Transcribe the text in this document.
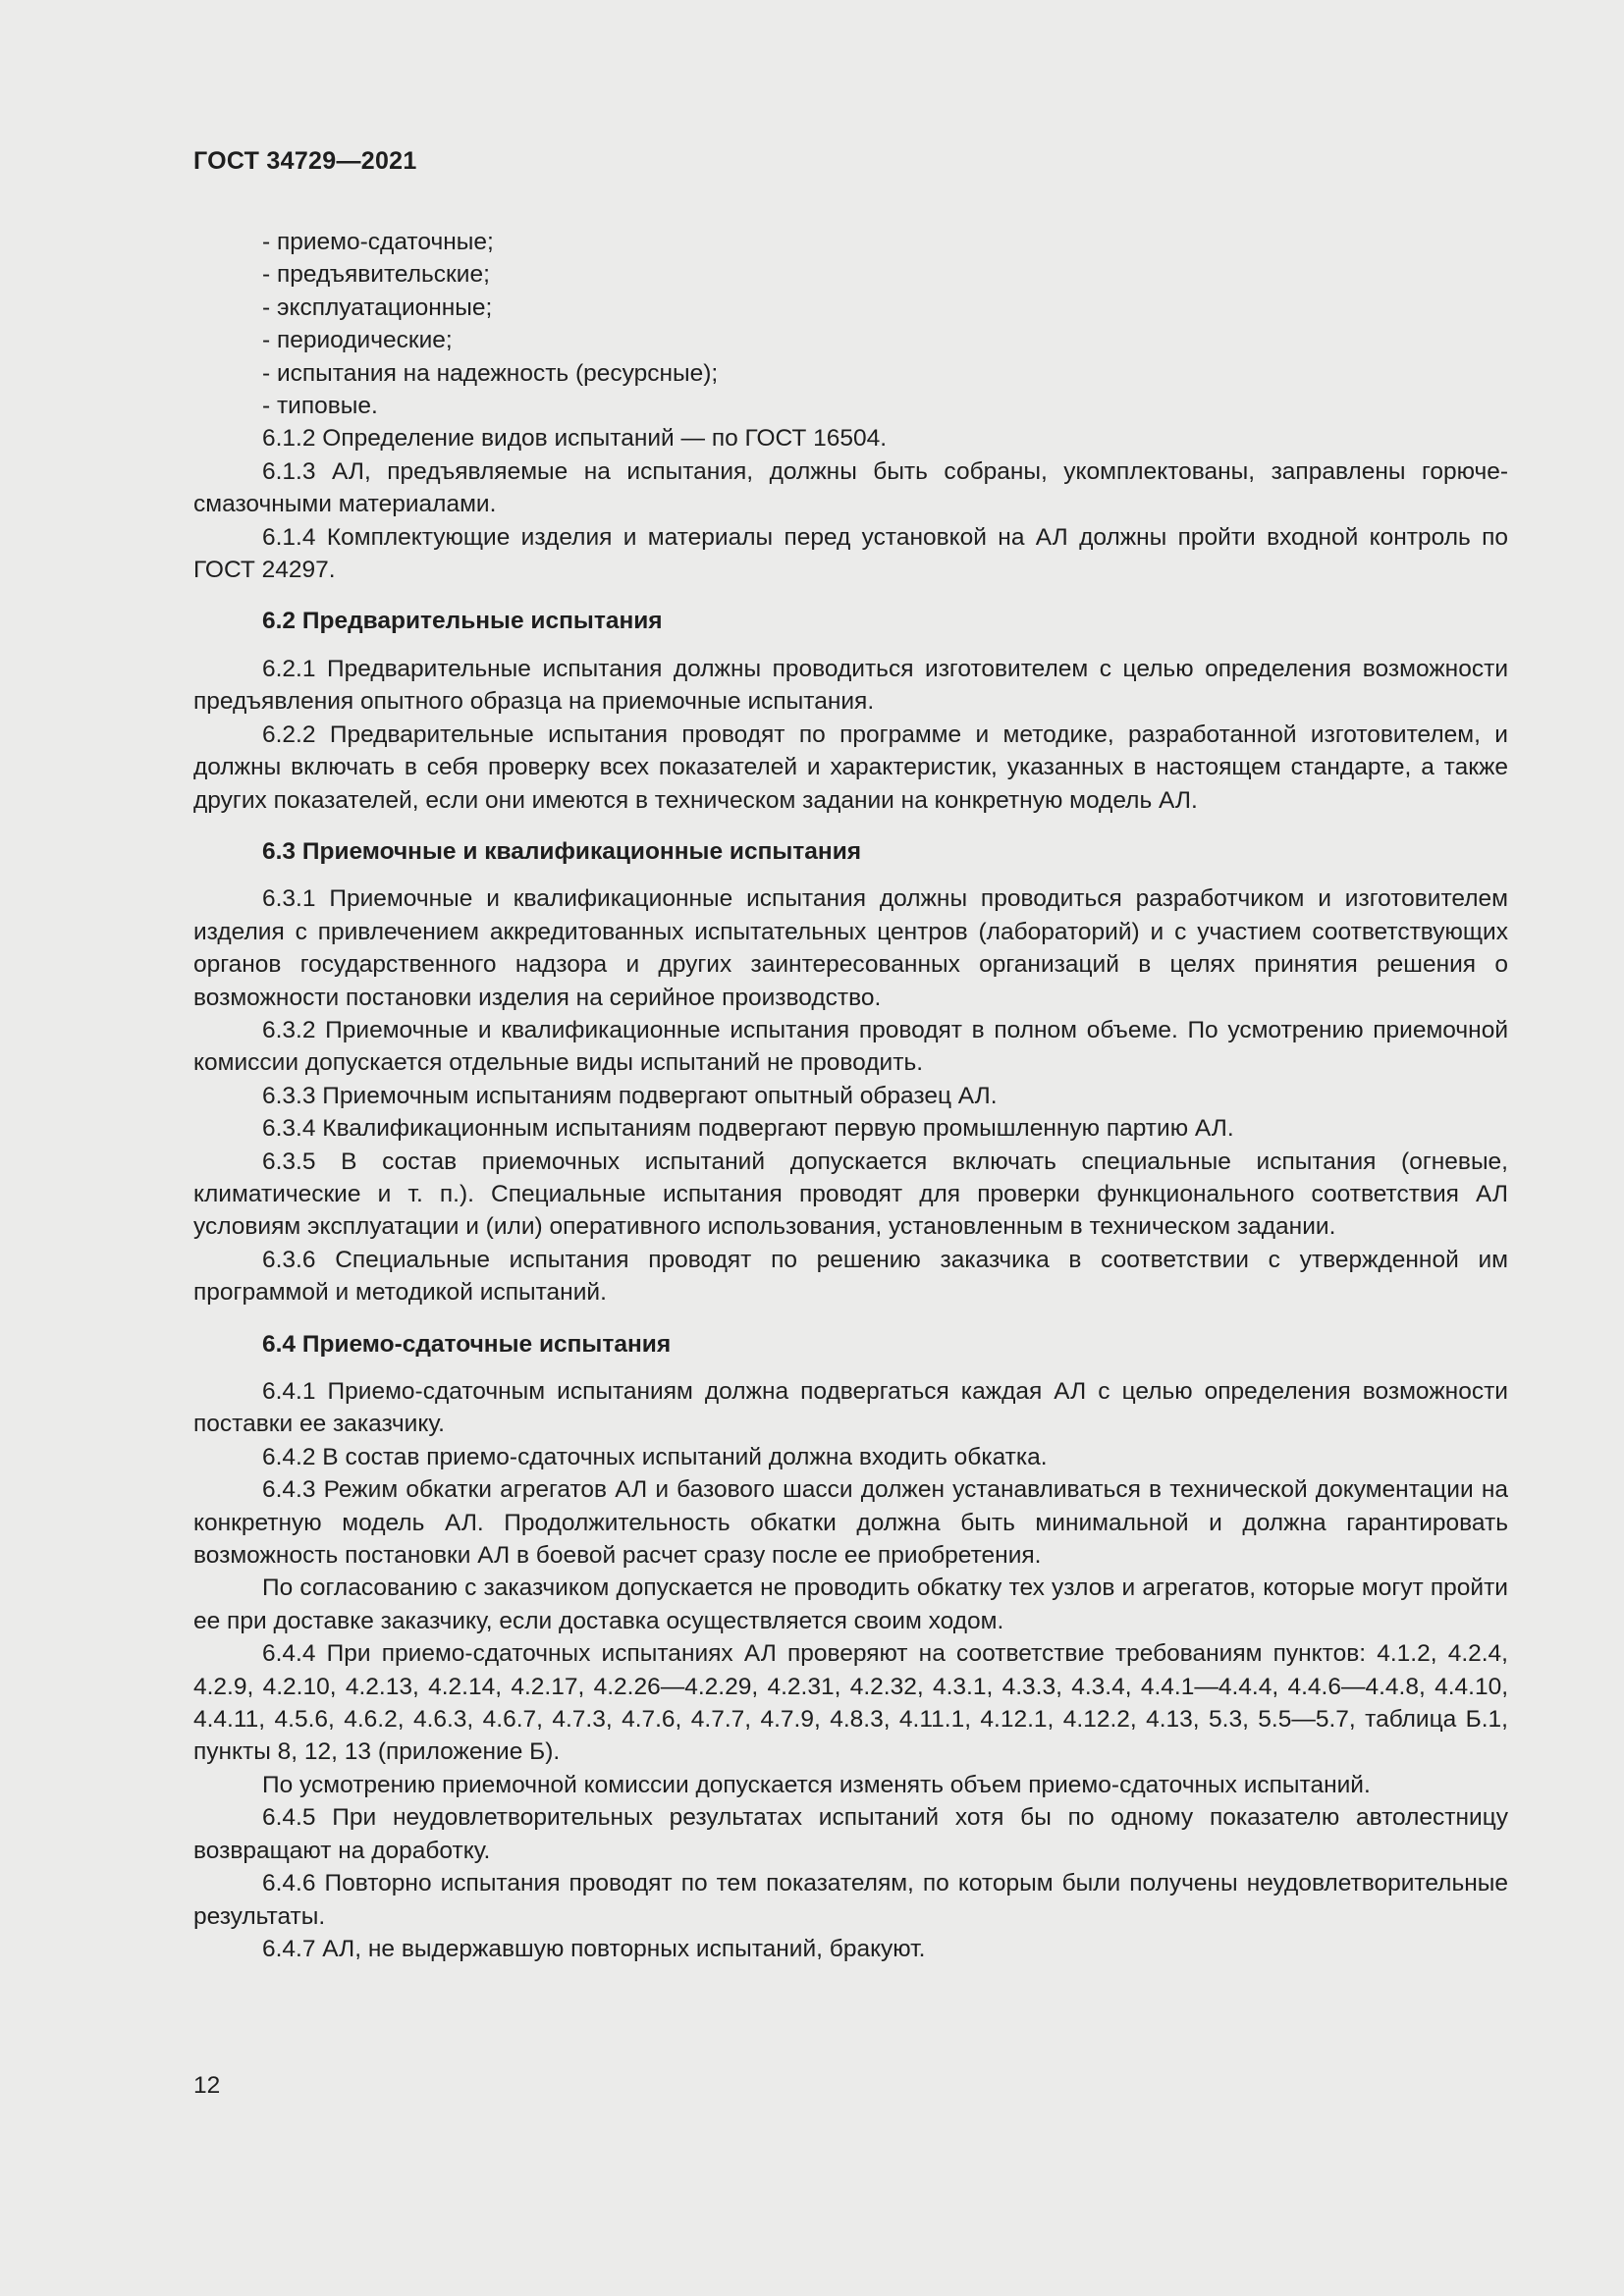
ГОСТ 34729—2021

- приемо-сдаточные;

- предъявительские;

- эксплуатационные;

- периодические;

- испытания на надежность (ресурсные);

- типовые.

6.1.2 Определение видов испытаний — по ГОСТ 16504.

6.1.3 АЛ, предъявляемые на испытания, должны быть собраны, укомплектованы, заправлены горюче-смазочными материалами.

6.1.4 Комплектующие изделия и материалы перед установкой на АЛ должны пройти входной контроль по ГОСТ 24297.

6.2 Предварительные испытания

6.2.1 Предварительные испытания должны проводиться изготовителем с целью определения возможности предъявления опытного образца на приемочные испытания.

6.2.2 Предварительные испытания проводят по программе и методике, разработанной изготовителем, и должны включать в себя проверку всех показателей и характеристик, указанных в настоящем стандарте, а также других показателей, если они имеются в техническом задании на конкретную модель АЛ.

6.3 Приемочные и квалификационные испытания

6.3.1 Приемочные и квалификационные испытания должны проводиться разработчиком и изготовителем изделия с привлечением аккредитованных испытательных центров (лабораторий) и с участием соответствующих органов государственного надзора и других заинтересованных организаций в целях принятия решения о возможности постановки изделия на серийное производство.

6.3.2 Приемочные и квалификационные испытания проводят в полном объеме. По усмотрению приемочной комиссии допускается отдельные виды испытаний не проводить.

6.3.3 Приемочным испытаниям подвергают опытный образец АЛ.

6.3.4 Квалификационным испытаниям подвергают первую промышленную партию АЛ.

6.3.5 В состав приемочных испытаний допускается включать специальные испытания (огневые, климатические и т. п.). Специальные испытания проводят для проверки функционального соответствия АЛ условиям эксплуатации и (или) оперативного использования, установленным в техническом задании.

6.3.6 Специальные испытания проводят по решению заказчика в соответствии с утвержденной им программой и методикой испытаний.

6.4 Приемо-сдаточные испытания

6.4.1 Приемо-сдаточным испытаниям должна подвергаться каждая АЛ с целью определения возможности поставки ее заказчику.

6.4.2 В состав приемо-сдаточных испытаний должна входить обкатка.

6.4.3 Режим обкатки агрегатов АЛ и базового шасси должен устанавливаться в технической документации на конкретную модель АЛ. Продолжительность обкатки должна быть минимальной и должна гарантировать возможность постановки АЛ в боевой расчет сразу после ее приобретения.

По согласованию с заказчиком допускается не проводить обкатку тех узлов и агрегатов, которые могут пройти ее при доставке заказчику, если доставка осуществляется своим ходом.

6.4.4 При приемо-сдаточных испытаниях АЛ проверяют на соответствие требованиям пунктов: 4.1.2, 4.2.4, 4.2.9, 4.2.10, 4.2.13, 4.2.14, 4.2.17, 4.2.26—4.2.29, 4.2.31, 4.2.32, 4.3.1, 4.3.3, 4.3.4, 4.4.1—4.4.4, 4.4.6—4.4.8, 4.4.10, 4.4.11, 4.5.6, 4.6.2, 4.6.3, 4.6.7, 4.7.3, 4.7.6, 4.7.7, 4.7.9, 4.8.3, 4.11.1, 4.12.1, 4.12.2, 4.13, 5.3, 5.5—5.7, таблица Б.1, пункты 8, 12, 13 (приложение Б).

По усмотрению приемочной комиссии допускается изменять объем приемо-сдаточных испытаний.

6.4.5 При неудовлетворительных результатах испытаний хотя бы по одному показателю автолестницу возвращают на доработку.

6.4.6 Повторно испытания проводят по тем показателям, по которым были получены неудовлетворительные результаты.

6.4.7 АЛ, не выдержавшую повторных испытаний, бракуют.

12
